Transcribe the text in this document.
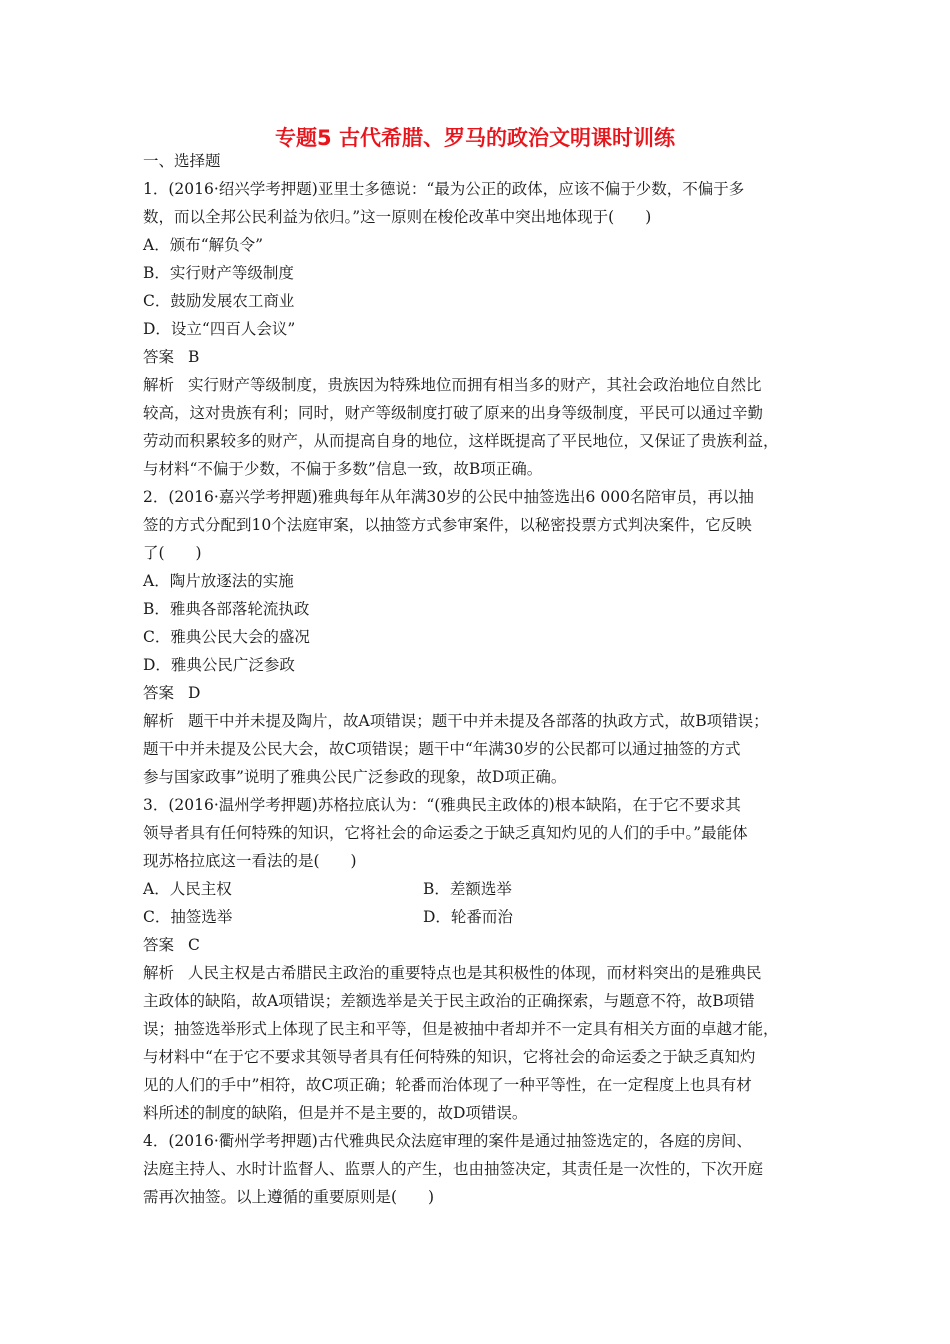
专题5 古代希腊、罗马的政治文明课时训练
一、选择题
1．(2016·绍兴学考押题)亚里士多德说：“最为公正的政体，应该不偏于少数，不偏于多
数，而以全邦公民利益为依归。”这一原则在梭伦改革中突出地体现于(　　)
A．颁布“解负令”
B．实行财产等级制度
C．鼓励发展农工商业
D．设立“四百人会议”
答案 B
解析 实行财产等级制度，贵族因为特殊地位而拥有相当多的财产，其社会政治地位自然比
较高，这对贵族有利；同时，财产等级制度打破了原来的出身等级制度，平民可以通过辛勤
劳动而积累较多的财产，从而提高自身的地位，这样既提高了平民地位，又保证了贵族利益，
与材料“不偏于少数，不偏于多数”信息一致，故B项正确。
2．(2016·嘉兴学考押题)雅典每年从年满30岁的公民中抽签选出6 000名陪审员，再以抽
签的方式分配到10个法庭审案，以抽签方式参审案件，以秘密投票方式判决案件，它反映
了(　　)
A．陶片放逐法的实施
B．雅典各部落轮流执政
C．雅典公民大会的盛况
D．雅典公民广泛参政
答案 D
解析 题干中并未提及陶片，故A项错误；题干中并未提及各部落的执政方式，故B项错误；
题干中并未提及公民大会，故C项错误；题干中“年满30岁的公民都可以通过抽签的方式
参与国家政事”说明了雅典公民广泛参政的现象，故D项正确。
3．(2016·温州学考押题)苏格拉底认为：“(雅典民主政体的)根本缺陷，在于它不要求其
领导者具有任何特殊的知识，它将社会的命运委之于缺乏真知灼见的人们的手中。”最能体
现苏格拉底这一看法的是(　　)
A．人民主权	B．差额选举
C．抽签选举	D．轮番而治
答案 C
解析 人民主权是古希腊民主政治的重要特点也是其积极性的体现，而材料突出的是雅典民
主政体的缺陷，故A项错误；差额选举是关于民主政治的正确探索，与题意不符，故B项错
误；抽签选举形式上体现了民主和平等，但是被抽中者却并不一定具有相关方面的卓越才能，
与材料中“在于它不要求其领导者具有任何特殊的知识，它将社会的命运委之于缺乏真知灼
见的人们的手中”相符，故C项正确；轮番而治体现了一种平等性，在一定程度上也具有材
料所述的制度的缺陷，但是并不是主要的，故D项错误。
4．(2016·衢州学考押题)古代雅典民众法庭审理的案件是通过抽签选定的，各庭的房间、
法庭主持人、水时计监督人、监票人的产生，也由抽签决定，其责任是一次性的，下次开庭
需再次抽签。以上遵循的重要原则是(　　)
